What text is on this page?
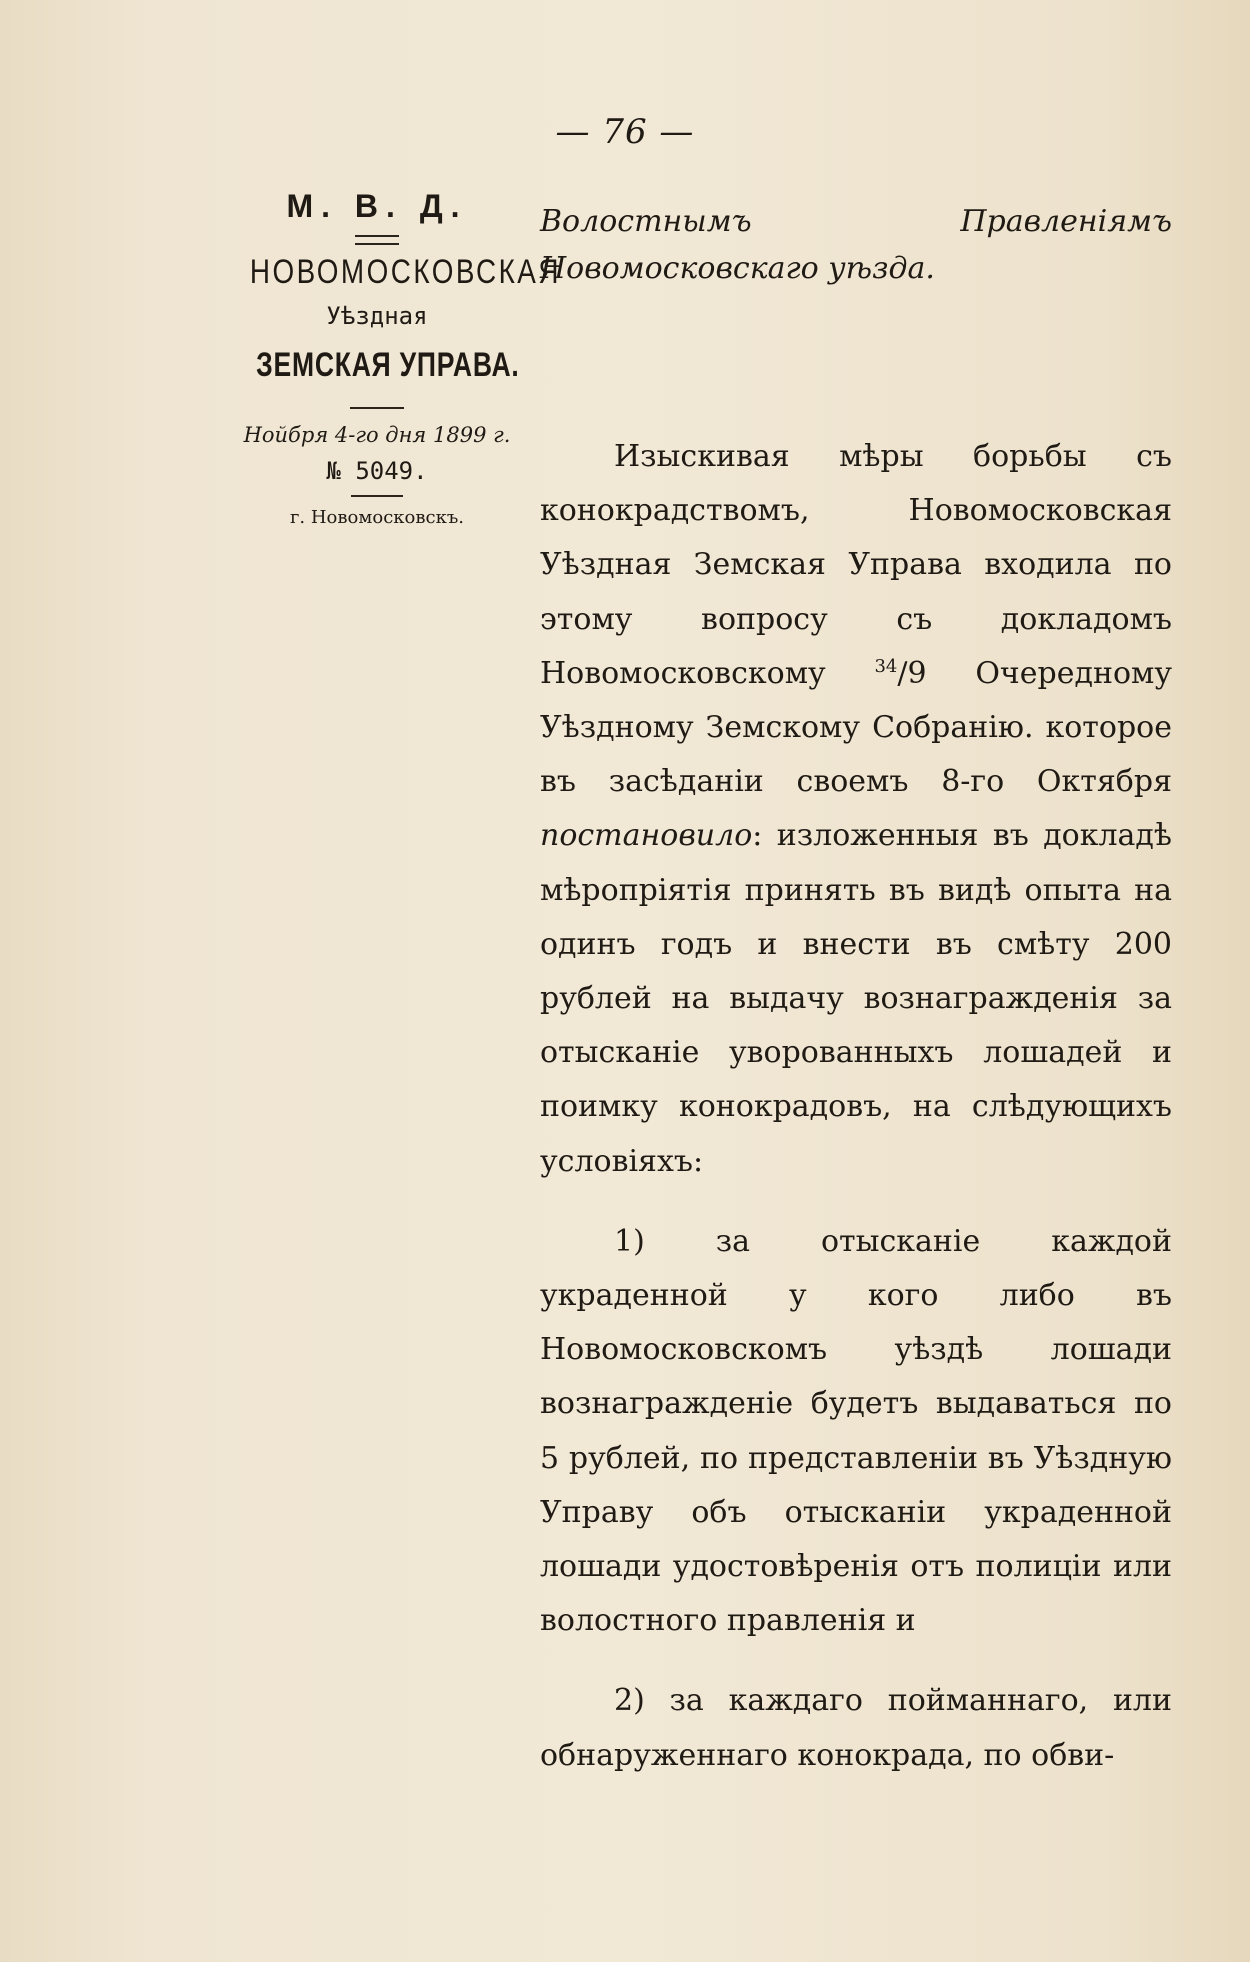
— 76 —
М. В. Д.
НОВОМОСКОВСКАЯ
Уѣздная
ЗЕМСКАЯ УПРАВА.
Нойбря 4-го дня 1899 г.
№ 5049.
г. Новомосковскъ.
Волостнымъ Правленіямъ Новомосковскаго уѣзда.

Изыскивая мѣры борьбы съ конокрадствомъ, Новомосковская Уѣздная Земская Управа входила по этому вопросу съ докладомъ Новомосковскому $^{34}$/9 Очередному Уѣздному Земскому Собранію. которое въ засѣданіи своемъ 8-го Октября постановило: изложенныя въ докладѣ мѣропріятія принять въ видѣ опыта на одинъ годъ и внести въ смѣту 200 рублей на выдачу вознагражденія за отысканіе уворованныхъ лошадей и поимку конокрадовъ, на слѣдующихъ условіяхъ:

1) за отысканіе каждой украденной у кого либо въ Новомосковскомъ уѣздѣ лошади вознагражденіе будетъ выдаваться по 5 рублей, по представленіи въ Уѣздную Управу объ отысканіи украденной лошади удостовѣренія отъ полиціи или волостного правленія и

2) за каждаго пойманнаго, или обнаруженнаго конокрада, по обви-
